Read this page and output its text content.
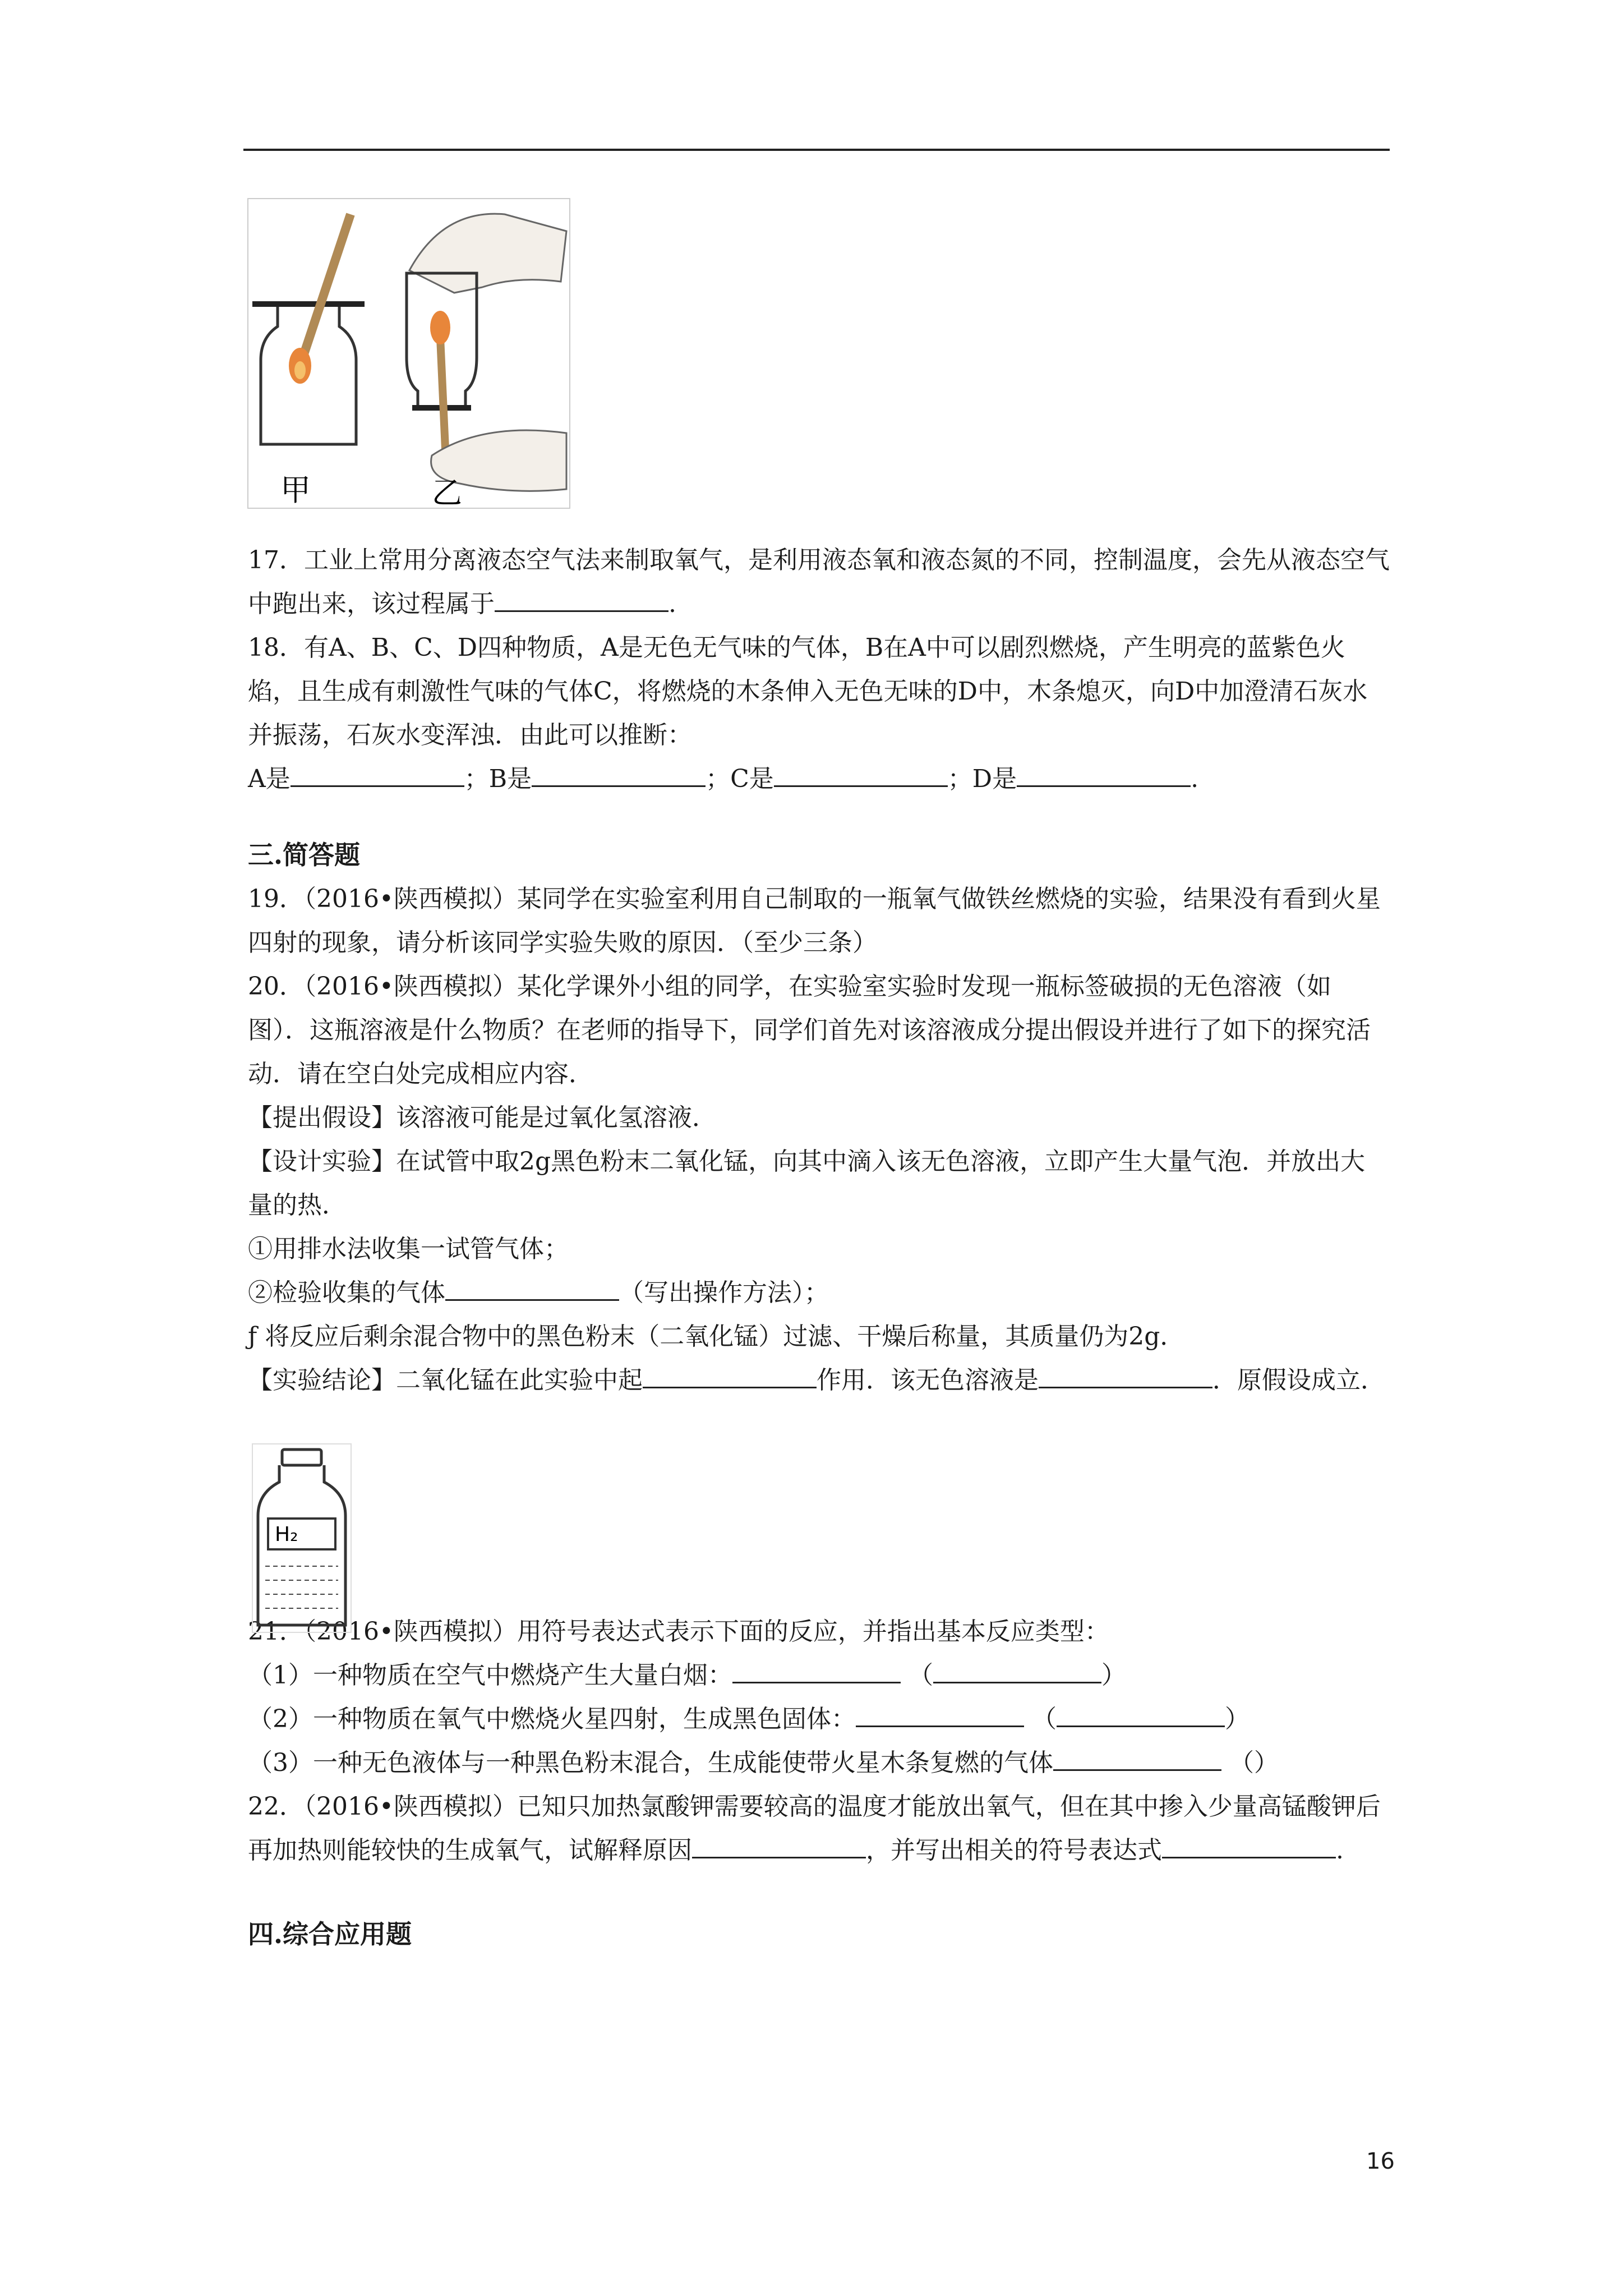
甲	乙

17．工业上常用分离液态空气法来制取氧气，是利用液态氧和液态氮的不同，控制温度，会先从液态空气中跑出来，该过程属于	.

18．有A、B、C、D四种物质，A是无色无气味的气体，B在A中可以剧烈燃烧，产生明亮的蓝紫色火焰，且生成有刺激性气味的气体C，将燃烧的木条伸入无色无味的D中，木条熄灭，向D中加澄清石灰水并振荡，石灰水变浑浊．由此可以推断：

A是	；B是	；C是	；D是	.

三.简答题

19．（2016•陕西模拟）某同学在实验室利用自己制取的一瓶氧气做铁丝燃烧的实验，结果没有看到火星四射的现象，请分析该同学实验失败的原因．（至少三条）

20．（2016•陕西模拟）某化学课外小组的同学，在实验室实验时发现一瓶标签破损的无色溶液（如图）．这瓶溶液是什么物质？在老师的指导下，同学们首先对该溶液成分提出假设并进行了如下的探究活动．请在空白处完成相应内容．

【提出假设】该溶液可能是过氧化氢溶液．

【设计实验】在试管中取2g黑色粉末二氧化锰，向其中滴入该无色溶液，立即产生大量气泡．并放出大量的热．

①用排水法收集一试管气体；

②检验收集的气体	（写出操作方法）；

ƒ 将反应后剩余混合物中的黑色粉末（二氧化锰）过滤、干燥后称量，其质量仍为2g．

【实验结论】二氧化锰在此实验中起	作用．该无色溶液是	．原假设成立．

21．（2016•陕西模拟）用符号表达式表示下面的反应，并指出基本反应类型：

（1）一种物质在空气中燃烧产生大量白烟：	（	）

（2）一种物质在氧气中燃烧火星四射，生成黑色固体：	（	）

（3）一种无色液体与一种黑色粉末混合，生成能使带火星木条复燃的气体	（）

22．（2016•陕西模拟）已知只加热氯酸钾需要较高的温度才能放出氧气，但在其中掺入少量高锰酸钾后再加热则能较快的生成氧气，试解释原因	，并写出相关的符号表达式	.

四.综合应用题

H₂
16
